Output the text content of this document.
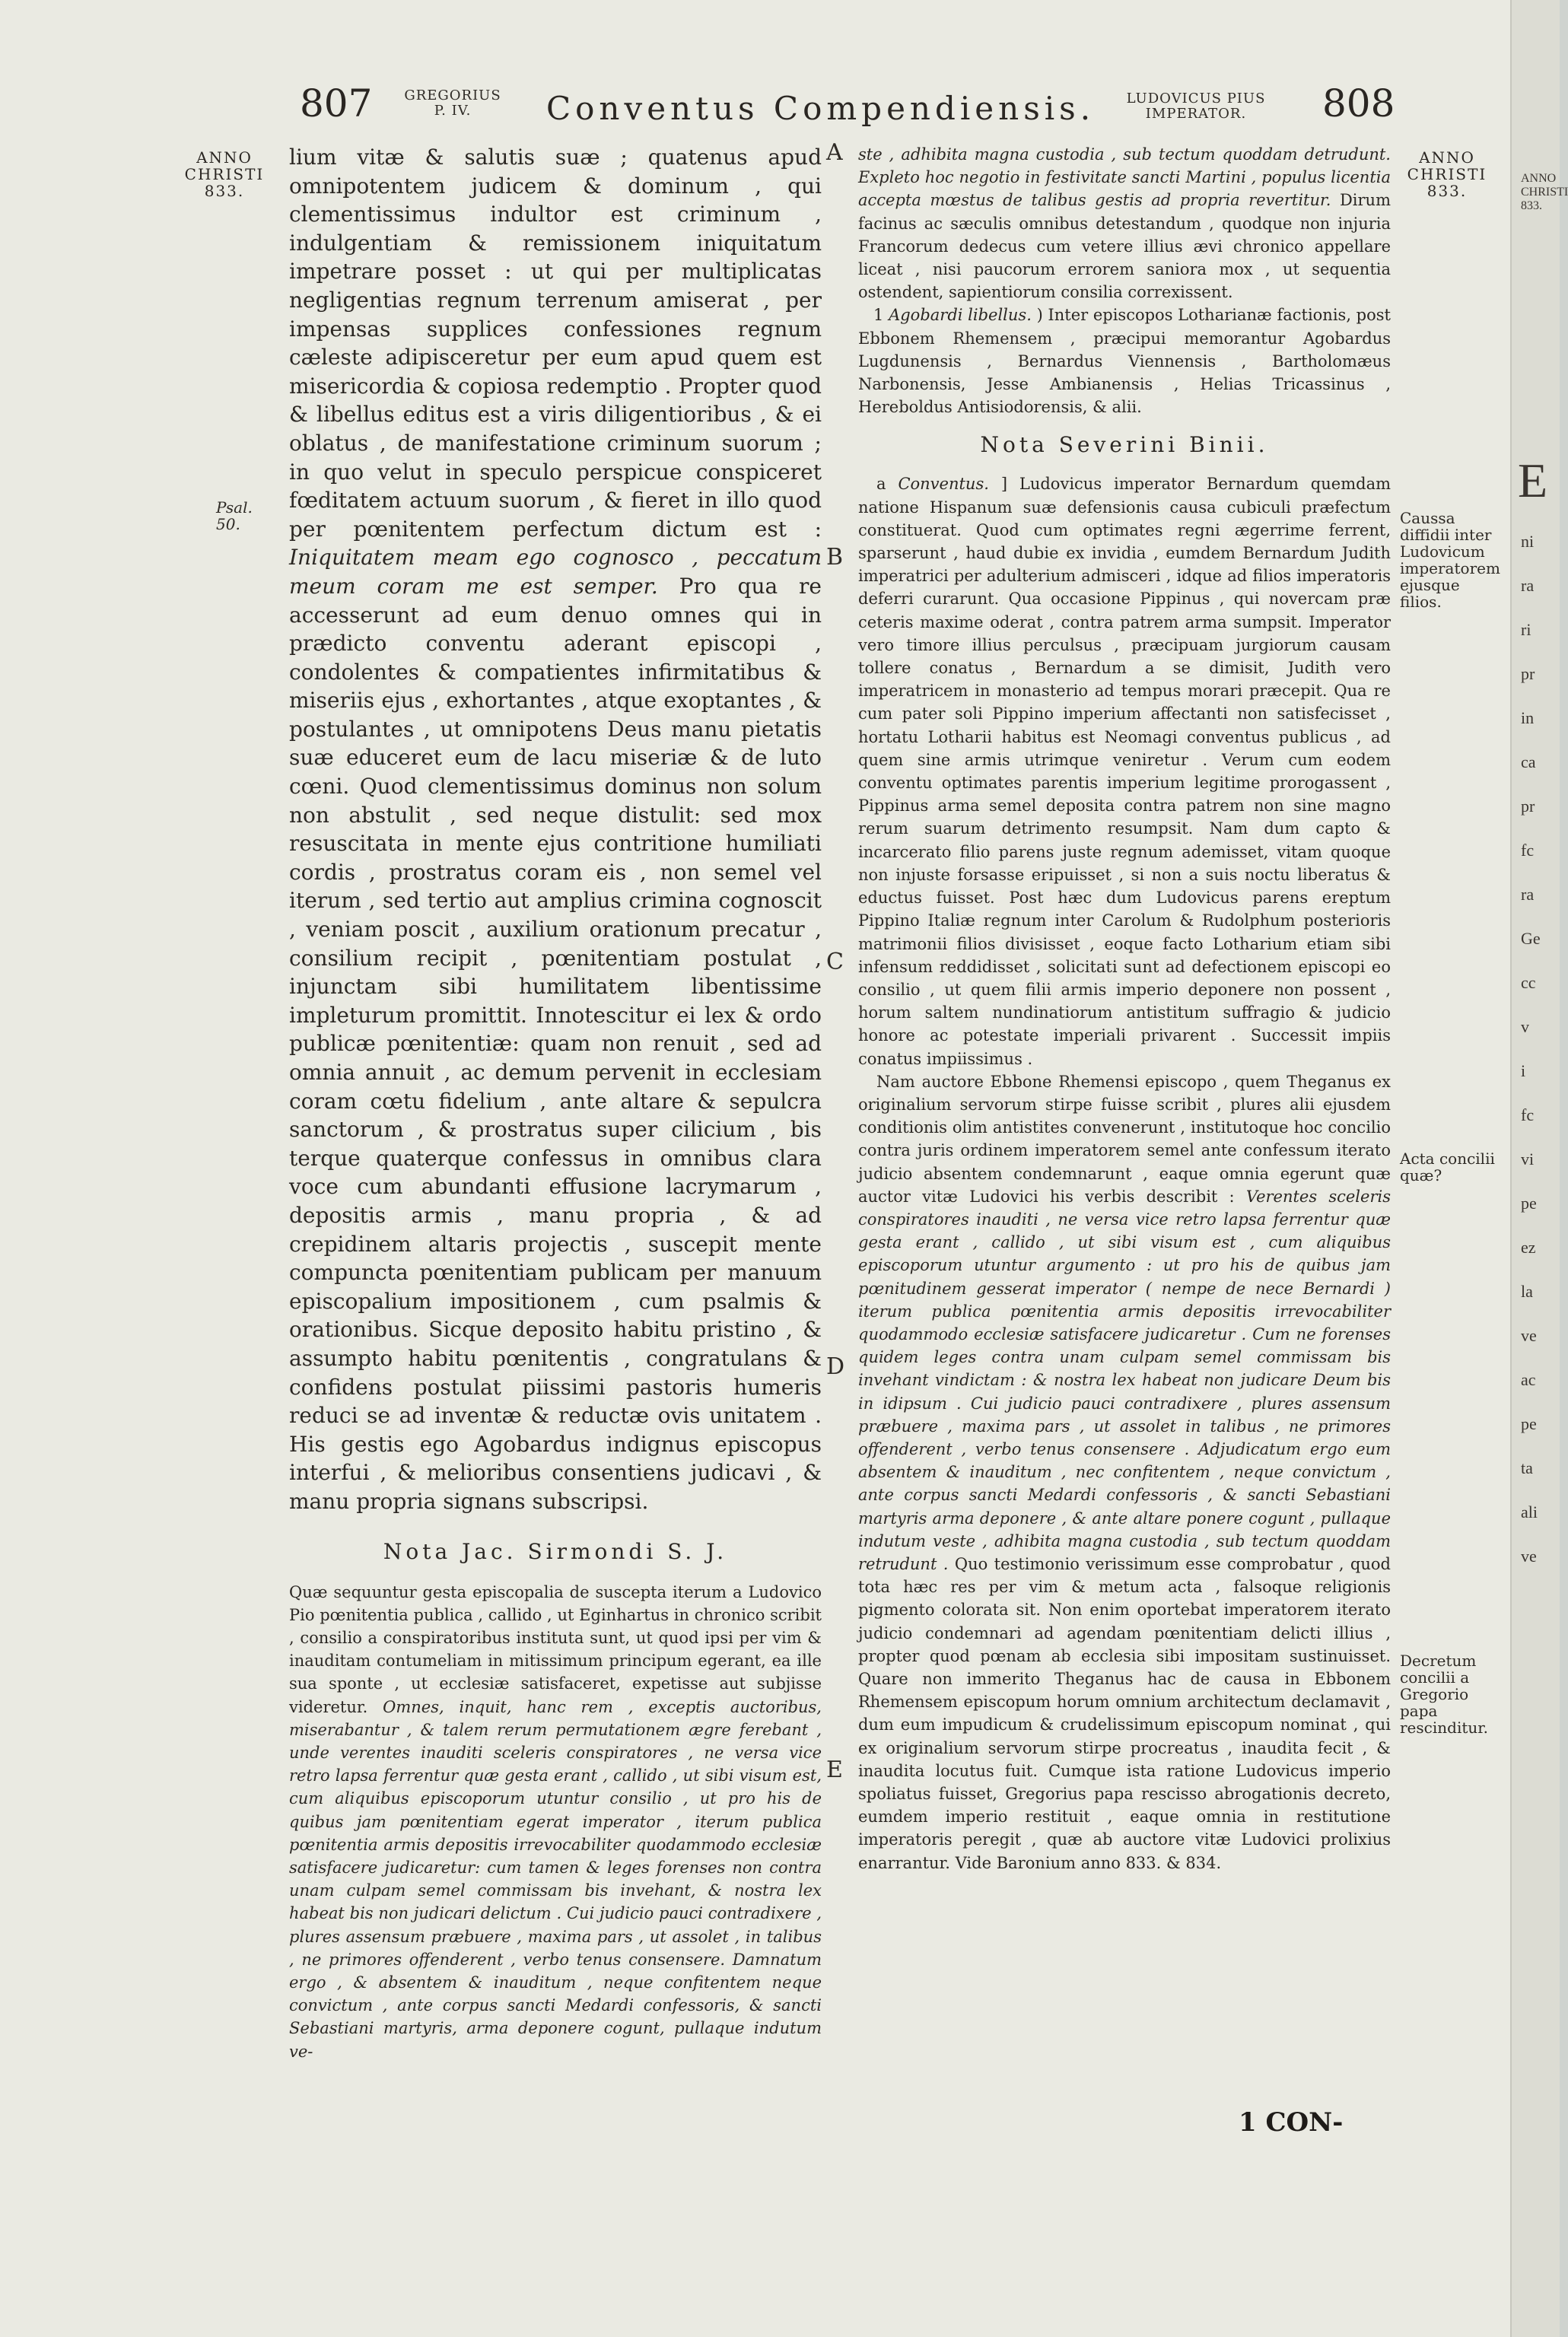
807	GREGORIUS
P. IV.	Conventus Compendiensis.	LUDOVICUS PIUS
IMPERATOR.	808
ANNO CHRISTI 833.
Psal. 50.
ANNO CHRISTI 833.
Caussa diffidii inter Ludovicum imperatorem ejusque filios.
Acta concilii quæ?
Decretum concilii a Gregorio papa rescinditur.
A
B
C
D
E

lium vitæ & salutis suæ ; quatenus apud omnipotentem judicem & dominum , qui clementissimus indultor est criminum , indulgentiam & remissionem iniquitatum impetrare posset : ut qui per multiplicatas negligentias regnum terrenum amiserat , per impensas supplices confessiones regnum cæleste adipisceretur per eum apud quem est misericordia & copiosa redemptio . Propter quod & libellus editus est a viris diligentioribus , & ei oblatus , de manifestatione criminum suorum ; in quo velut in speculo perspicue conspiceret fœditatem actuum suorum , & fieret in illo quod per pœnitentem perfectum dictum est : Iniquitatem meam ego cognosco , peccatum meum coram me est semper. Pro qua re accesserunt ad eum denuo omnes qui in prædicto conventu aderant episcopi , condolentes & compatientes infirmitatibus & miseriis ejus , exhortantes , atque exoptantes , & postulantes , ut omnipotens Deus manu pietatis suæ educeret eum de lacu miseriæ & de luto cœni. Quod clementissimus dominus non solum non abstulit , sed neque distulit: sed mox resuscitata in mente ejus contritione humiliati cordis , prostratus coram eis , non semel vel iterum , sed tertio aut amplius crimina cognoscit , veniam poscit , auxilium orationum precatur , consilium recipit , pœnitentiam postulat , injunctam sibi humilitatem libentissime impleturum promittit. Innotescitur ei lex & ordo publicæ pœnitentiæ: quam non renuit , sed ad omnia annuit , ac demum pervenit in ecclesiam coram cœtu fidelium , ante altare & sepulcra sanctorum , & prostratus super cilicium , bis terque quaterque confessus in omnibus clara voce cum abundanti effusione lacrymarum , depositis armis , manu propria , & ad crepidinem altaris projectis , suscepit mente compuncta pœnitentiam publicam per manuum episcopalium impositionem , cum psalmis & orationibus. Sicque deposito habitu pristino , & assumpto habitu pœnitentis , congratulans & confidens postulat piissimi pastoris humeris reduci se ad inventæ & reductæ ovis unitatem . His gestis ego Agobardus indignus episcopus interfui , & melioribus consentiens judicavi , & manu propria signans subscripsi.

Nota Jac. Sirmondi S. J.

Quæ sequuntur gesta episcopalia de suscepta iterum a Ludovico Pio pœnitentia publica , callido , ut Eginhartus in chronico scribit , consilio a conspiratoribus instituta sunt, ut quod ipsi per vim & inauditam contumeliam in mitissimum principum egerant, ea ille sua sponte , ut ecclesiæ satisfaceret, expetisse aut subjisse videretur. Omnes, inquit, hanc rem , exceptis auctoribus, miserabantur , & talem rerum permutationem ægre ferebant , unde verentes inauditi sceleris conspiratores , ne versa vice retro lapsa ferrentur quæ gesta erant , callido , ut sibi visum est, cum aliquibus episcoporum utuntur consilio , ut pro his de quibus jam pœnitentiam egerat imperator , iterum publica pœnitentia armis depositis irrevocabiliter quodammodo ecclesiæ satisfacere judicaretur: cum tamen & leges forenses non contra unam culpam semel commissam bis invehant, & nostra lex habeat bis non judicari delictum . Cui judicio pauci contradixere , plures assensum præbuere , maxima pars , ut assolet , in talibus , ne primores offenderent , verbo tenus consensere. Damnatum ergo , & absentem & inauditum , neque confitentem neque convictum , ante corpus sancti Medardi confessoris, & sancti Sebastiani martyris, arma deponere cogunt, pullaque indutum ve-

ste , adhibita magna custodia , sub tectum quoddam detrudunt. Expleto hoc negotio in festivitate sancti Martini , populus licentia accepta mœstus de talibus gestis ad propria revertitur. Dirum facinus ac sæculis omnibus detestandum , quodque non injuria Francorum dedecus cum vetere illius ævi chronico appellare liceat , nisi paucorum errorem saniora mox , ut sequentia ostendent, sapientiorum consilia correxissent.

1 Agobardi libellus. ) Inter episcopos Lotharianæ factionis, post Ebbonem Rhemensem , præcipui memorantur Agobardus Lugdunensis , Bernardus Viennensis , Bartholomæus Narbonensis, Jesse Ambianensis , Helias Tricassinus , Hereboldus Antisiodorensis, & alii.

Nota Severini Binii.

a Conventus. ] Ludovicus imperator Bernardum quemdam natione Hispanum suæ defensionis causa cubiculi præfectum constituerat. Quod cum optimates regni ægerrime ferrent, sparserunt , haud dubie ex invidia , eumdem Bernardum Judith imperatrici per adulterium admisceri , idque ad filios imperatoris deferri curarunt. Qua occasione Pippinus , qui novercam præ ceteris maxime oderat , contra patrem arma sumpsit. Imperator vero timore illius perculsus , præcipuam jurgiorum causam tollere conatus , Bernardum a se dimisit, Judith vero imperatricem in monasterio ad tempus morari præcepit. Qua re cum pater soli Pippino imperium affectanti non satisfecisset , hortatu Lotharii habitus est Neomagi conventus publicus , ad quem sine armis utrimque veniretur . Verum cum eodem conventu optimates parentis imperium legitime prorogassent , Pippinus arma semel deposita contra patrem non sine magno rerum suarum detrimento resumpsit. Nam dum capto & incarcerato filio parens juste regnum ademisset, vitam quoque non injuste forsasse eripuisset , si non a suis noctu liberatus & eductus fuisset. Post hæc dum Ludovicus parens ereptum Pippino Italiæ regnum inter Carolum & Rudolphum posterioris matrimonii filios divisisset , eoque facto Lotharium etiam sibi infensum reddidisset , solicitati sunt ad defectionem episcopi eo consilio , ut quem filii armis imperio deponere non possent , horum saltem nundinatiorum antistitum suffragio & judicio honore ac potestate imperiali privarent . Successit impiis conatus impiissimus .

Nam auctore Ebbone Rhemensi episcopo , quem Theganus ex originalium servorum stirpe fuisse scribit , plures alii ejusdem conditionis olim antistites convenerunt , institutoque hoc concilio contra juris ordinem imperatorem semel ante confessum iterato judicio absentem condemnarunt , eaque omnia egerunt quæ auctor vitæ Ludovici his verbis describit : Verentes sceleris conspiratores inauditi , ne versa vice retro lapsa ferrentur quæ gesta erant , callido , ut sibi visum est , cum aliquibus episcoporum utuntur argumento : ut pro his de quibus jam pœnitudinem gesserat imperator ( nempe de nece Bernardi ) iterum publica pœnitentia armis depositis irrevocabiliter quodammodo ecclesiæ satisfacere judicaretur . Cum ne forenses quidem leges contra unam culpam semel commissam bis invehant vindictam : & nostra lex habeat non judicare Deum bis in idipsum . Cui judicio pauci contradixere , plures assensum præbuere , maxima pars , ut assolet in talibus , ne primores offenderent , verbo tenus consensere . Adjudicatum ergo eum absentem & inauditum , nec confitentem , neque convictum , ante corpus sancti Medardi confessoris , & sancti Sebastiani martyris arma deponere , & ante altare ponere cogunt , pullaque indutum veste , adhibita magna custodia , sub tectum quoddam retrudunt . Quo testimonio verissimum esse comprobatur , quod tota hæc res per vim & metum acta , falsoque religionis pigmento colorata sit. Non enim oportebat imperatorem iterato judicio condemnari ad agendam pœnitentiam delicti illius , propter quod pœnam ab ecclesia sibi impositam sustinuisset. Quare non immerito Theganus hac de causa in Ebbonem Rhemensem episcopum horum omnium architectum declamavit , dum eum impudicum & crudelissimum episcopum nominat , qui ex originalium servorum stirpe procreatus , inaudita fecit , & inaudita locutus fuit. Cumque ista ratione Ludovicus imperio spoliatus fuisset, Gregorius papa rescisso abrogationis decreto, eumdem imperio restituit , eaque omnia in restitutione imperatoris peregit , quæ ab auctore vitæ Ludovici prolixius enarrantur. Vide Baronium anno 833. & 834.

1 CON-
ANNO CHRISTI 833.
E
ni
ra
ri
pr
in
ca
pr
fc
ra
Ge
cc
v
i
fc
vi
pe
ez
la
ve
ac
pe
ta
ali
ve
